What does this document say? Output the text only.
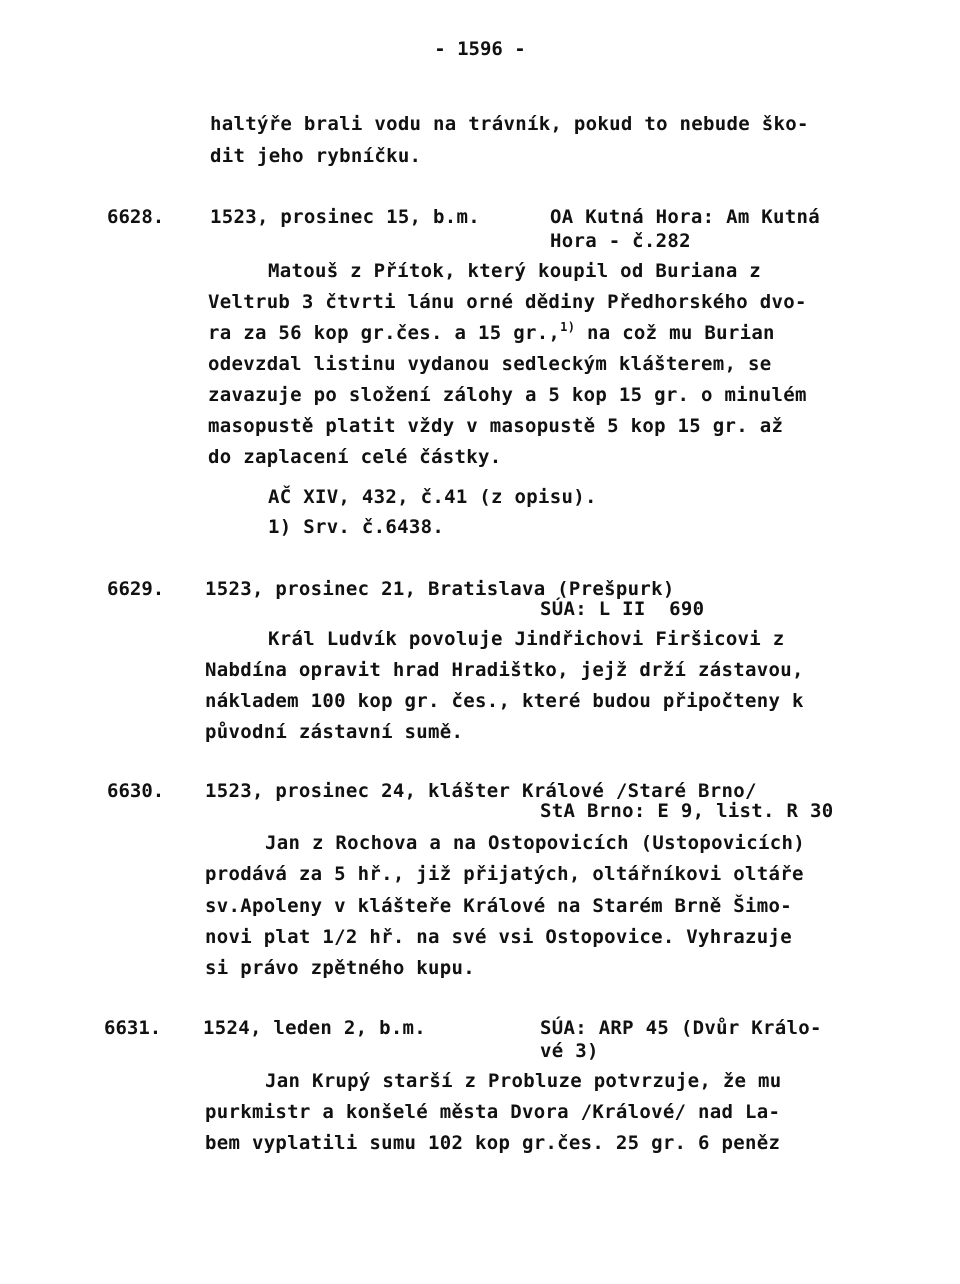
- 1596 -
haltýře brali vodu na trávník, pokud to nebude ško-
dit jeho rybníčku.
6628. 1523, prosinec 15, b.m.	OA Kutná Hora: Am Kutná
Hora - č.282
Matouš z Přítok, který koupil od Buriana z
Veltrub 3 čtvrti lánu orné dědiny Předhorského dvo-
ra za 56 kop gr.čes. a 15 gr.,$^{1)}$ na což mu Burian
odevzdal listinu vydanou sedleckým klášterem, se
zavazuje po složení zálohy a 5 kop 15 gr. o minulém
masopustě platit vždy v masopustě 5 kop 15 gr. až
do zaplacení celé částky.
AČ XIV, 432, č.41 (z opisu).
1) Srv. č.6438.
6629. 1523, prosinec 21, Bratislava (Prešpurk)
SÚA: L II  690
Král Ludvík povoluje Jindřichovi Firšicovi z
Nabdína opravit hrad Hradištko, jejž drží zástavou,
nákladem 100 kop gr. čes., které budou připočteny k
původní zástavní sumě.
6630. 1523, prosinec 24, klášter Králové /Staré Brno/
StA Brno: E 9, list. R 30
Jan z Rochova a na Ostopovicích (Ustopovicích)
prodává za 5 hř., již přijatých, oltářníkovi oltáře
sv.Apoleny v klášteře Králové na Starém Brně Šimo-
novi plat 1/2 hř. na své vsi Ostopovice. Vyhrazuje
si právo zpětného kupu.
6631. 1524, leden 2, b.m.	SÚA: ARP 45 (Dvůr Králo-
vé 3)
Jan Krupý starší z Probluze potvrzuje, že mu
purkmistr a konšelé města Dvora /Králové/ nad La-
bem vyplatili sumu 102 kop gr.čes. 25 gr. 6 peněz
